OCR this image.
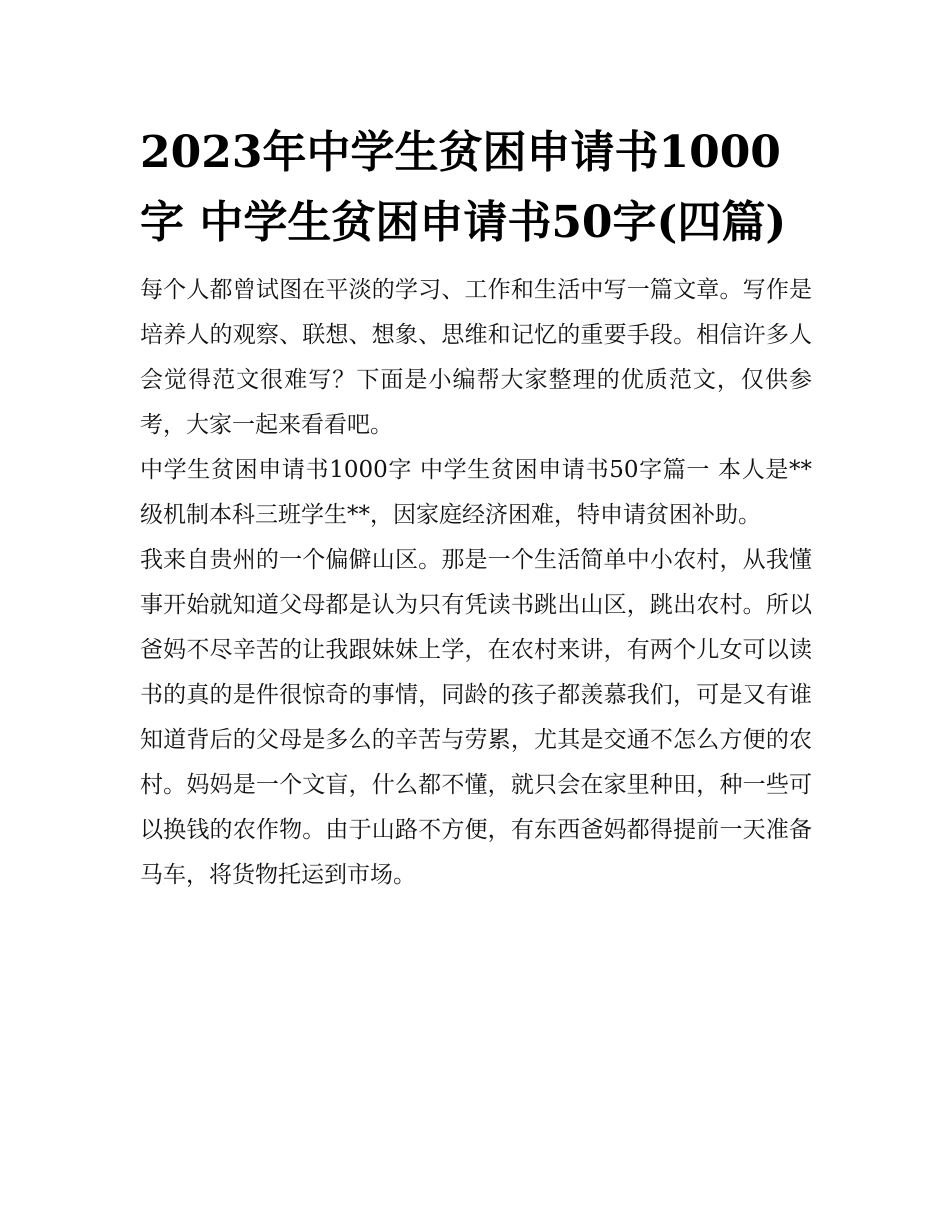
2023年中学生贫困申请书1000字 中学生贫困申请书50字(四篇)

每个人都曾试图在平淡的学习、工作和生活中写一篇文章。写作是培养人的观察、联想、想象、思维和记忆的重要手段。相信许多人会觉得范文很难写？下面是小编帮大家整理的优质范文，仅供参考，大家一起来看看吧。

中学生贫困申请书1000字 中学生贫困申请书50字篇一 本人是**级机制本科三班学生**，因家庭经济困难，特申请贫困补助。

我来自贵州的一个偏僻山区。那是一个生活简单中小农村，从我懂事开始就知道父母都是认为只有凭读书跳出山区，跳出农村。所以爸妈不尽辛苦的让我跟妹妹上学，在农村来讲，有两个儿女可以读书的真的是件很惊奇的事情，同龄的孩子都羡慕我们，可是又有谁知道背后的父母是多么的辛苦与劳累，尤其是交通不怎么方便的农村。妈妈是一个文盲，什么都不懂，就只会在家里种田，种一些可以换钱的农作物。由于山路不方便，有东西爸妈都得提前一天准备马车，将货物托运到市场。
